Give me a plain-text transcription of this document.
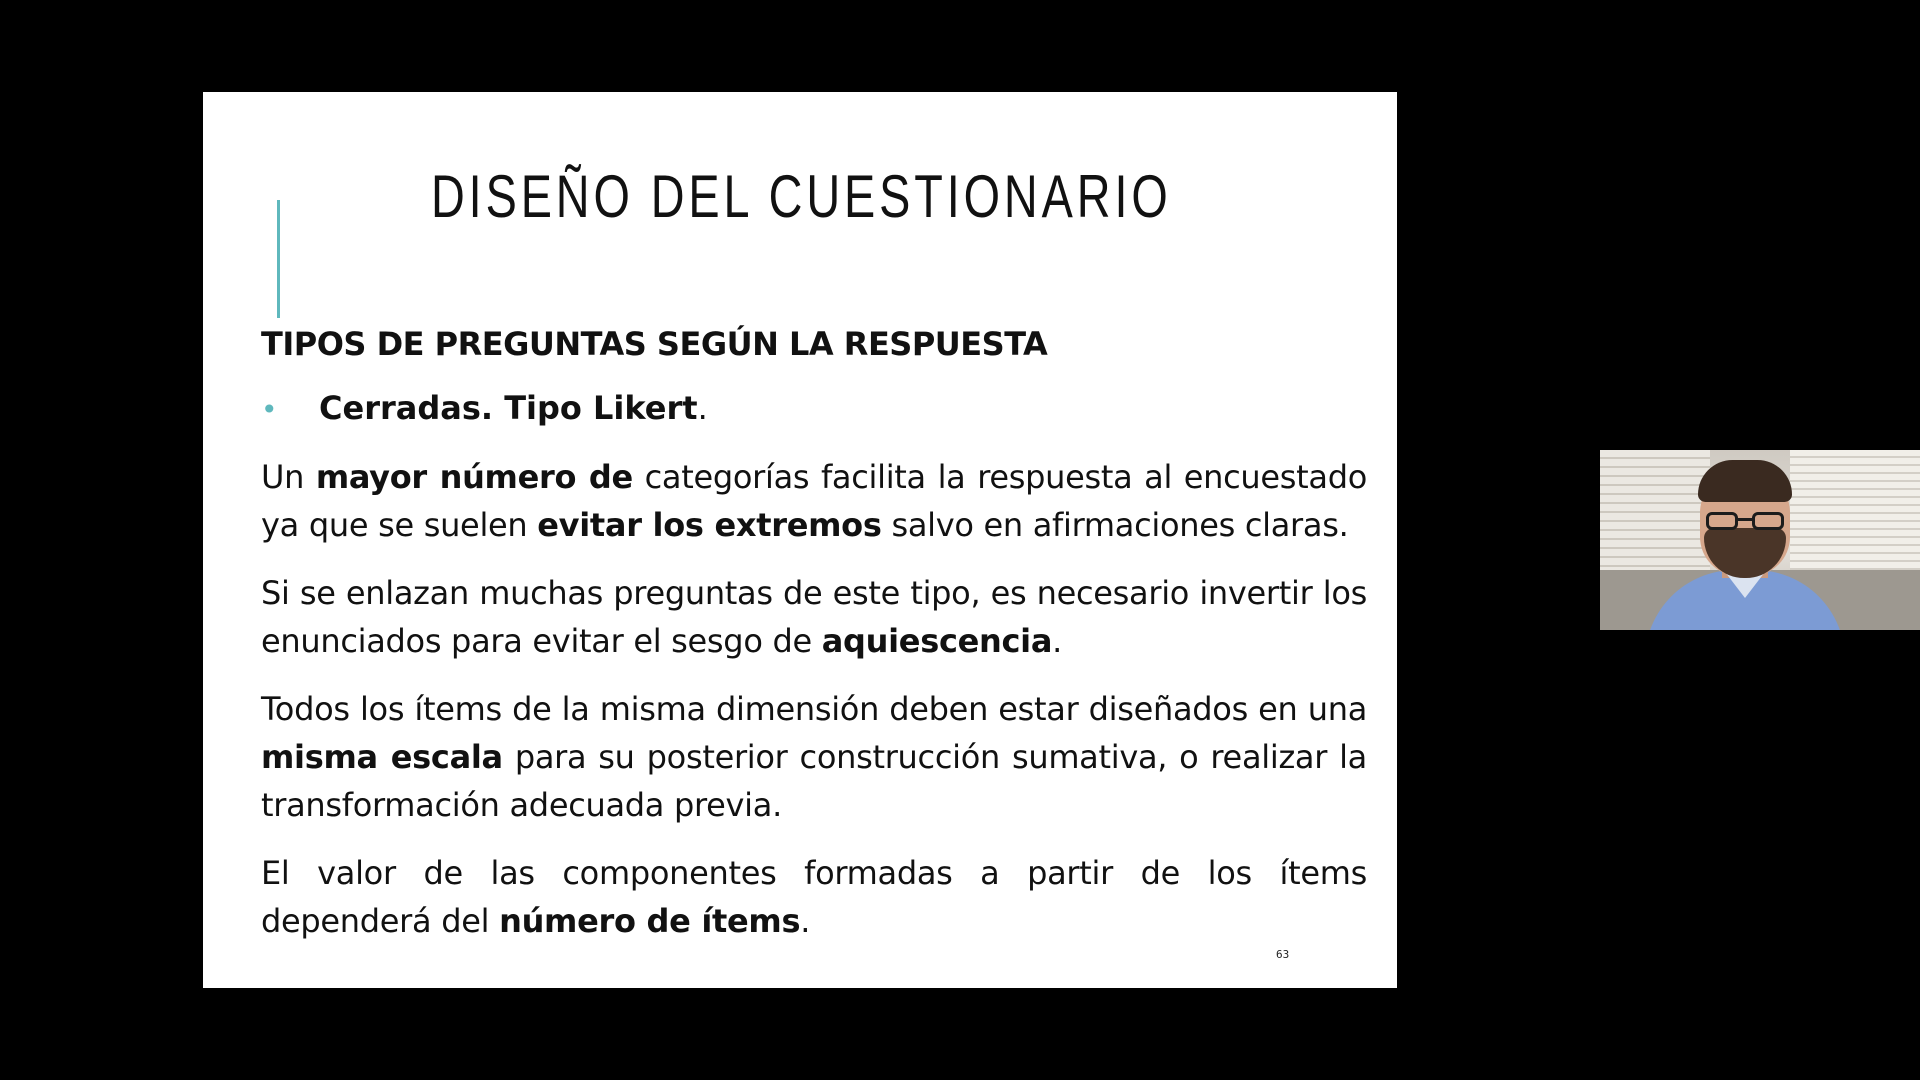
DISEÑO DEL CUESTIONARIO
TIPOS DE PREGUNTAS SEGÚN LA RESPUESTA
•	Cerradas. Tipo Likert.

Un mayor número de categorías facilita la respuesta al encuestado ya que se suelen evitar los extremos salvo en afirmaciones claras.

Si se enlazan muchas preguntas de este tipo, es necesario invertir los enunciados para evitar el sesgo de aquiescencia.

Todos los ítems de la misma dimensión deben estar diseñados en una misma escala para su posterior construcción sumativa, o realizar la transformación adecuada previa.

El valor de las componentes formadas a partir de los ítems dependerá del número de ítems.

63
